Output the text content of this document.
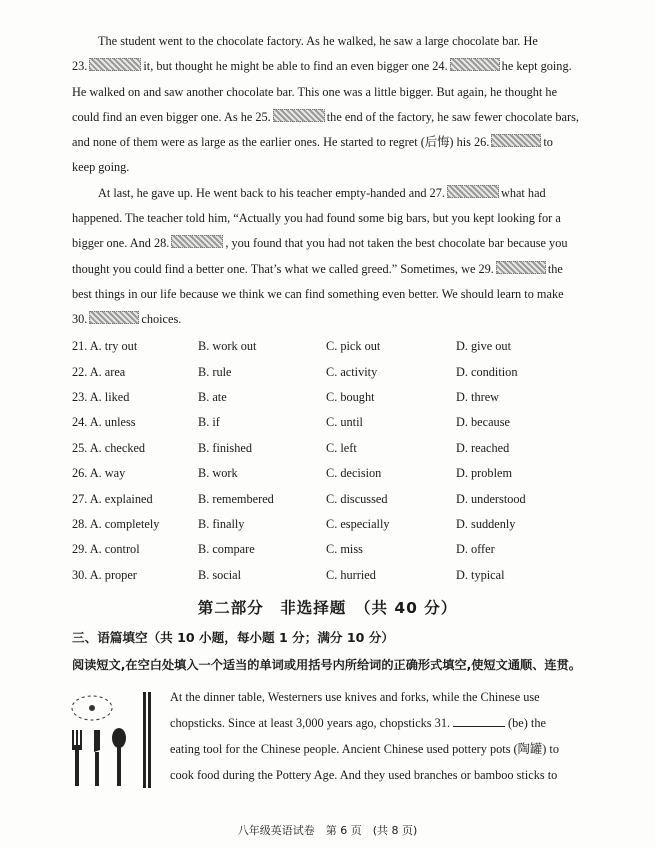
The student went to the chocolate factory. As he walked, he saw a large chocolate bar. He
23.	it, but thought he might be able to find an even bigger one 24.	he kept going.
He walked on and saw another chocolate bar. This one was a little bigger. But again, he thought he
could find an even bigger one. As he 25.	the end of the factory, he saw fewer chocolate bars,
and none of them were as large as the earlier ones. He started to regret (后悔) his 26.	to
keep going.
At last, he gave up. He went back to his teacher empty-handed and 27.	what had
happened. The teacher told him, “Actually you had found some big bars, but you kept looking for a
bigger one. And 28.	, you found that you had not taken the best chocolate bar because you
thought you could find a better one. That’s what we called greed.” Sometimes, we 29.	the
best things in our life because we think we can find something even better. We should learn to make
30.	choices.
21. A. try out	B. work out	C. pick out	D. give out
22. A. area	B. rule	C. activity	D. condition
23. A. liked	B. ate	C. bought	D. threw
24. A. unless	B. if	C. until	D. because
25. A. checked	B. finished	C. left	D. reached
26. A. way	B. work	C. decision	D. problem
27. A. explained	B. remembered	C. discussed	D. understood
28. A. completely	B. finally	C. especially	D. suddenly
29. A. control	B. compare	C. miss	D. offer
30. A. proper	B. social	C. hurried	D. typical
第二部分　非选择题　（共 40 分）
三、语篇填空（共 10 小题，每小题 1 分；满分 10 分）
阅读短文,在空白处填入一个适当的单词或用括号内所给词的正确形式填空,使短文通顺、连贯。
At the dinner table, Westerners use knives and forks, while the Chinese use
chopsticks. Since at least 3,000 years ago, chopsticks 31.	(be) the
eating tool for the Chinese people. Ancient Chinese used pottery pots (陶罐) to
cook food during the Pottery Age. And they used branches or bamboo sticks to
八年级英语试卷　第 6 页　(共 8 页)
